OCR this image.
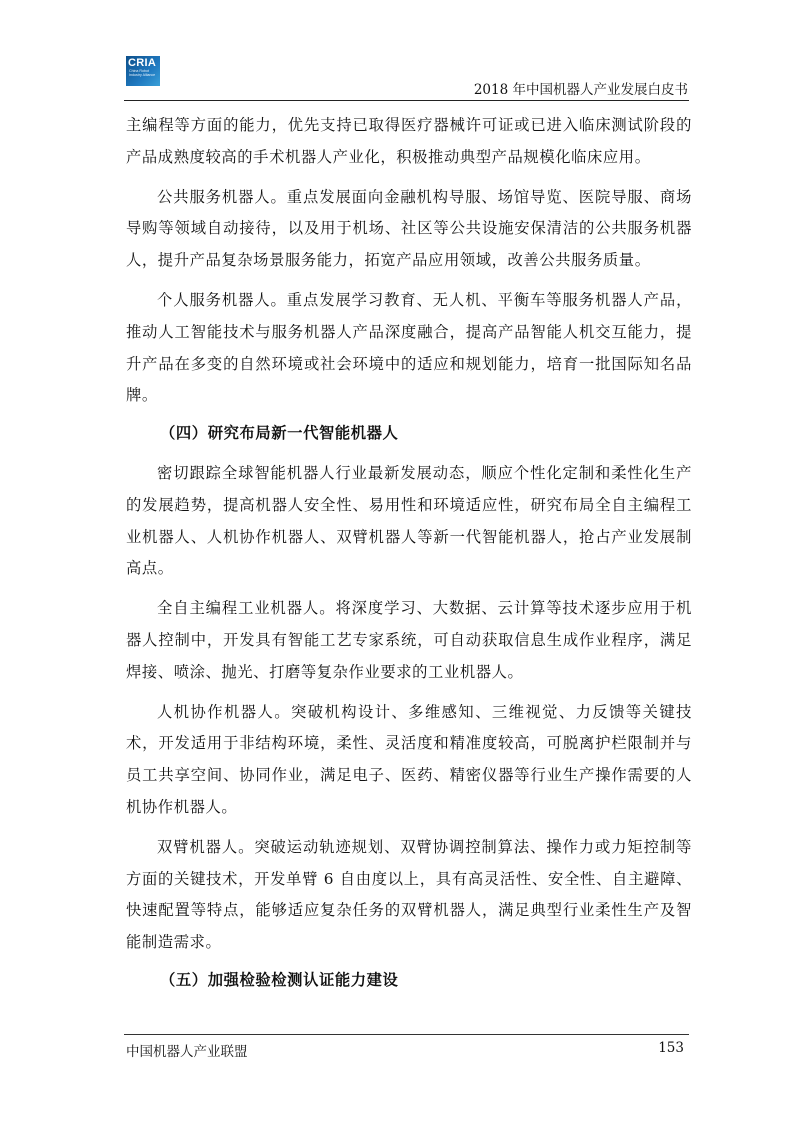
CRIA
China Robot Industry Alliance
2018 年中国机器人产业发展白皮书

主编程等方面的能力，优先支持已取得医疗器械许可证或已进入临床测试阶段的产品成熟度较高的手术机器人产业化，积极推动典型产品规模化临床应用。

公共服务机器人。重点发展面向金融机构导服、场馆导览、医院导服、商场导购等领域自动接待，以及用于机场、社区等公共设施安保清洁的公共服务机器人，提升产品复杂场景服务能力，拓宽产品应用领域，改善公共服务质量。

个人服务机器人。重点发展学习教育、无人机、平衡车等服务机器人产品，推动人工智能技术与服务机器人产品深度融合，提高产品智能人机交互能力，提升产品在多变的自然环境或社会环境中的适应和规划能力，培育一批国际知名品牌。

（四）研究布局新一代智能机器人

密切跟踪全球智能机器人行业最新发展动态，顺应个性化定制和柔性化生产的发展趋势，提高机器人安全性、易用性和环境适应性，研究布局全自主编程工业机器人、人机协作机器人、双臂机器人等新一代智能机器人，抢占产业发展制高点。

全自主编程工业机器人。将深度学习、大数据、云计算等技术逐步应用于机器人控制中，开发具有智能工艺专家系统，可自动获取信息生成作业程序，满足焊接、喷涂、抛光、打磨等复杂作业要求的工业机器人。

人机协作机器人。突破机构设计、多维感知、三维视觉、力反馈等关键技术，开发适用于非结构环境，柔性、灵活度和精准度较高，可脱离护栏限制并与员工共享空间、协同作业，满足电子、医药、精密仪器等行业生产操作需要的人机协作机器人。

双臂机器人。突破运动轨迹规划、双臂协调控制算法、操作力或力矩控制等方面的关键技术，开发单臂 6 自由度以上，具有高灵活性、安全性、自主避障、快速配置等特点，能够适应复杂任务的双臂机器人，满足典型行业柔性生产及智能制造需求。

（五）加强检验检测认证能力建设
中国机器人产业联盟	153
